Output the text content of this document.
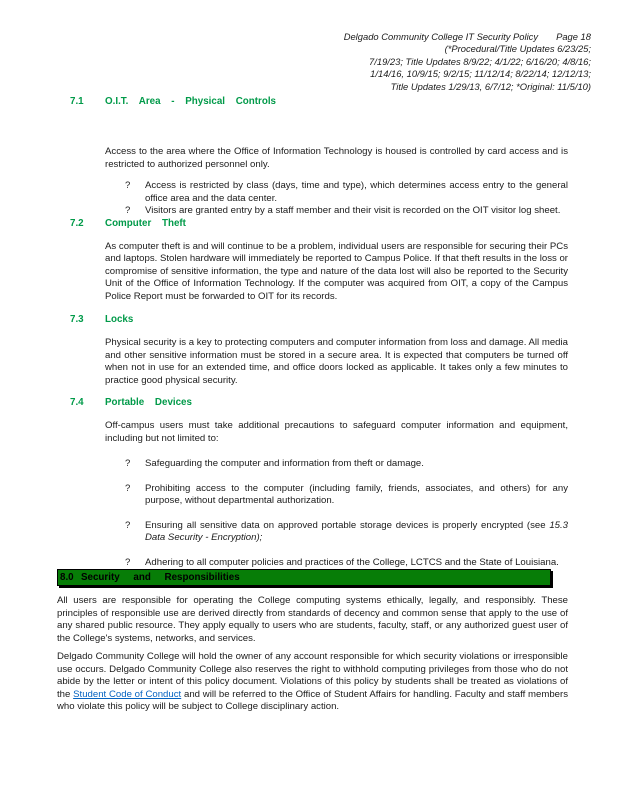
Delgado Community College IT Security Policy Page 18
(*Procedural/Title Updates 6/23/25;
7/19/23; Title Updates 8/9/22; 4/1/22; 6/16/20; 4/8/16;
1/14/16, 10/9/15; 9/2/15; 11/12/14; 8/22/14; 12/12/13;
Title Updates 1/29/13, 6/7/12; *Original: 11/5/10)
7.1	O.I.T. Area - Physical Controls

Access to the area where the Office of Information Technology is housed is controlled by card access and is restricted to authorized personnel only.

?	Access is restricted by class (days, time and type), which determines access entry to the general office area and the data center.
?	Visitors are granted entry by a staff member and their visit is recorded on the OIT visitor log sheet.
7.2	Computer Theft

As computer theft is and will continue to be a problem, individual users are responsible for securing their PCs and laptops. Stolen hardware will immediately be reported to Campus Police. If that theft results in the loss or compromise of sensitive information, the type and nature of the data lost will also be reported to the Security Unit of the Office of Information Technology. If the computer was acquired from OIT, a copy of the Campus Police Report must be forwarded to OIT for its records.

7.3	Locks

Physical security is a key to protecting computers and computer information from loss and damage. All media and other sensitive information must be stored in a secure area. It is expected that computers be turned off when not in use for an extended time, and office doors locked as applicable. It takes only a few minutes to practice good physical security.

7.4	Portable Devices

Off-campus users must take additional precautions to safeguard computer information and equipment, including but not limited to:

?	Safeguarding the computer and information from theft or damage.
?	Prohibiting access to the computer (including family, friends, associates, and others) for any purpose, without departmental authorization.
?	Ensuring all sensitive data on approved portable storage devices is properly encrypted (see 15.3 Data Security - Encryption);
?	Adhering to all computer policies and practices of the College, LCTCS and the State of Louisiana.
8.0 Security and Responsibilities

All users are responsible for operating the College computing systems ethically, legally, and responsibly. These principles of responsible use are derived directly from standards of decency and common sense that apply to the use of any shared public resource. They apply equally to users who are students, faculty, staff, or any authorized guest user of the College's systems, networks, and services.

Delgado Community College will hold the owner of any account responsible for which security violations or irresponsible use occurs. Delgado Community College also reserves the right to withhold computing privileges from those who do not abide by the letter or intent of this policy document. Violations of this policy by students shall be treated as violations of the Student Code of Conduct and will be referred to the Office of Student Affairs for handling. Faculty and staff members who violate this policy will be subject to College disciplinary action.
